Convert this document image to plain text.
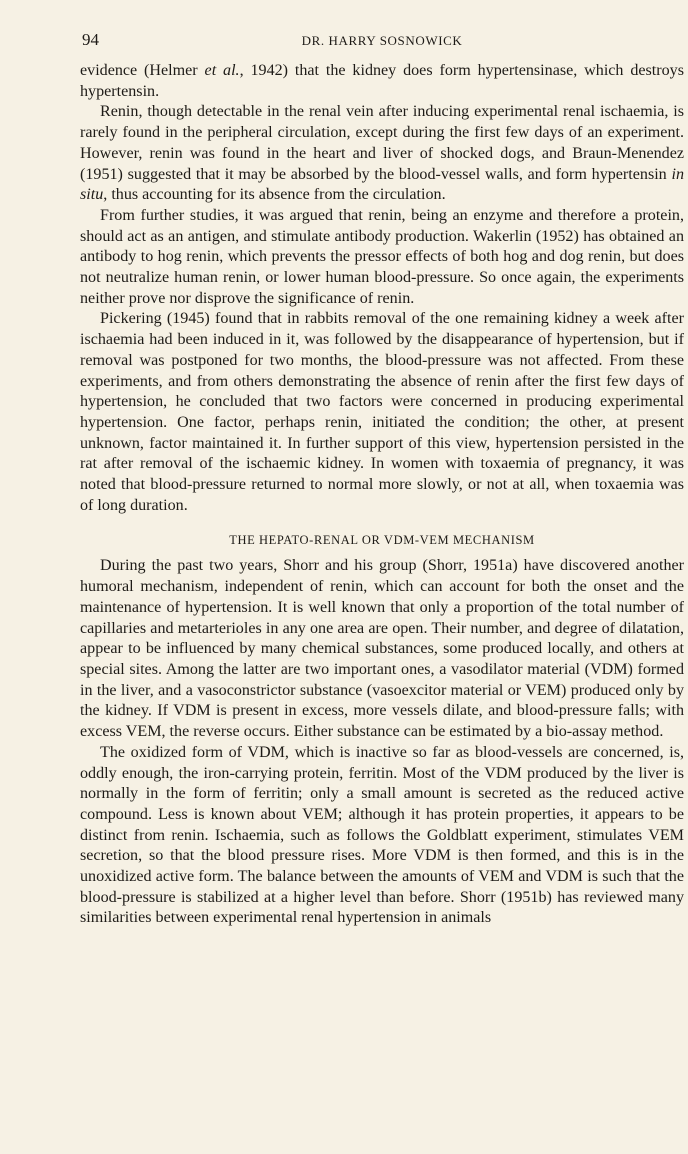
94	DR. HARRY SOSNOWICK

evidence (Helmer et al., 1942) that the kidney does form hypertensinase, which destroys hypertensin.

Renin, though detectable in the renal vein after inducing experimental renal ischaemia, is rarely found in the peripheral circulation, except during the first few days of an experiment. However, renin was found in the heart and liver of shocked dogs, and Braun-Menendez (1951) suggested that it may be absorbed by the blood-vessel walls, and form hypertensin in situ, thus accounting for its absence from the circulation.

From further studies, it was argued that renin, being an enzyme and therefore a protein, should act as an antigen, and stimulate antibody production. Wakerlin (1952) has obtained an antibody to hog renin, which prevents the pressor effects of both hog and dog renin, but does not neutralize human renin, or lower human blood-pressure. So once again, the experiments neither prove nor disprove the significance of renin.

Pickering (1945) found that in rabbits removal of the one remaining kidney a week after ischaemia had been induced in it, was followed by the disappearance of hypertension, but if removal was postponed for two months, the blood-pressure was not affected. From these experiments, and from others demonstrating the absence of renin after the first few days of hypertension, he concluded that two factors were concerned in producing experimental hypertension. One factor, perhaps renin, initiated the condition; the other, at present unknown, factor maintained it. In further support of this view, hypertension persisted in the rat after removal of the ischaemic kidney. In women with toxaemia of pregnancy, it was noted that blood-pressure returned to normal more slowly, or not at all, when toxaemia was of long duration.

THE HEPATO-RENAL OR VDM-VEM MECHANISM

During the past two years, Shorr and his group (Shorr, 1951a) have discovered another humoral mechanism, independent of renin, which can account for both the onset and the maintenance of hypertension. It is well known that only a proportion of the total number of capillaries and metarterioles in any one area are open. Their number, and degree of dilatation, appear to be influenced by many chemical substances, some produced locally, and others at special sites. Among the latter are two important ones, a vasodilator material (VDM) formed in the liver, and a vasoconstrictor substance (vasoexcitor material or VEM) produced only by the kidney. If VDM is present in excess, more vessels dilate, and blood-pressure falls; with excess VEM, the reverse occurs. Either substance can be estimated by a bio-assay method.

The oxidized form of VDM, which is inactive so far as blood-vessels are concerned, is, oddly enough, the iron-carrying protein, ferritin. Most of the VDM produced by the liver is normally in the form of ferritin; only a small amount is secreted as the reduced active compound. Less is known about VEM; although it has protein properties, it appears to be distinct from renin. Ischaemia, such as follows the Goldblatt experiment, stimulates VEM secretion, so that the blood pressure rises. More VDM is then formed, and this is in the unoxidized active form. The balance between the amounts of VEM and VDM is such that the blood-pressure is stabilized at a higher level than before. Shorr (1951b) has reviewed many similarities between experimental renal hypertension in animals
